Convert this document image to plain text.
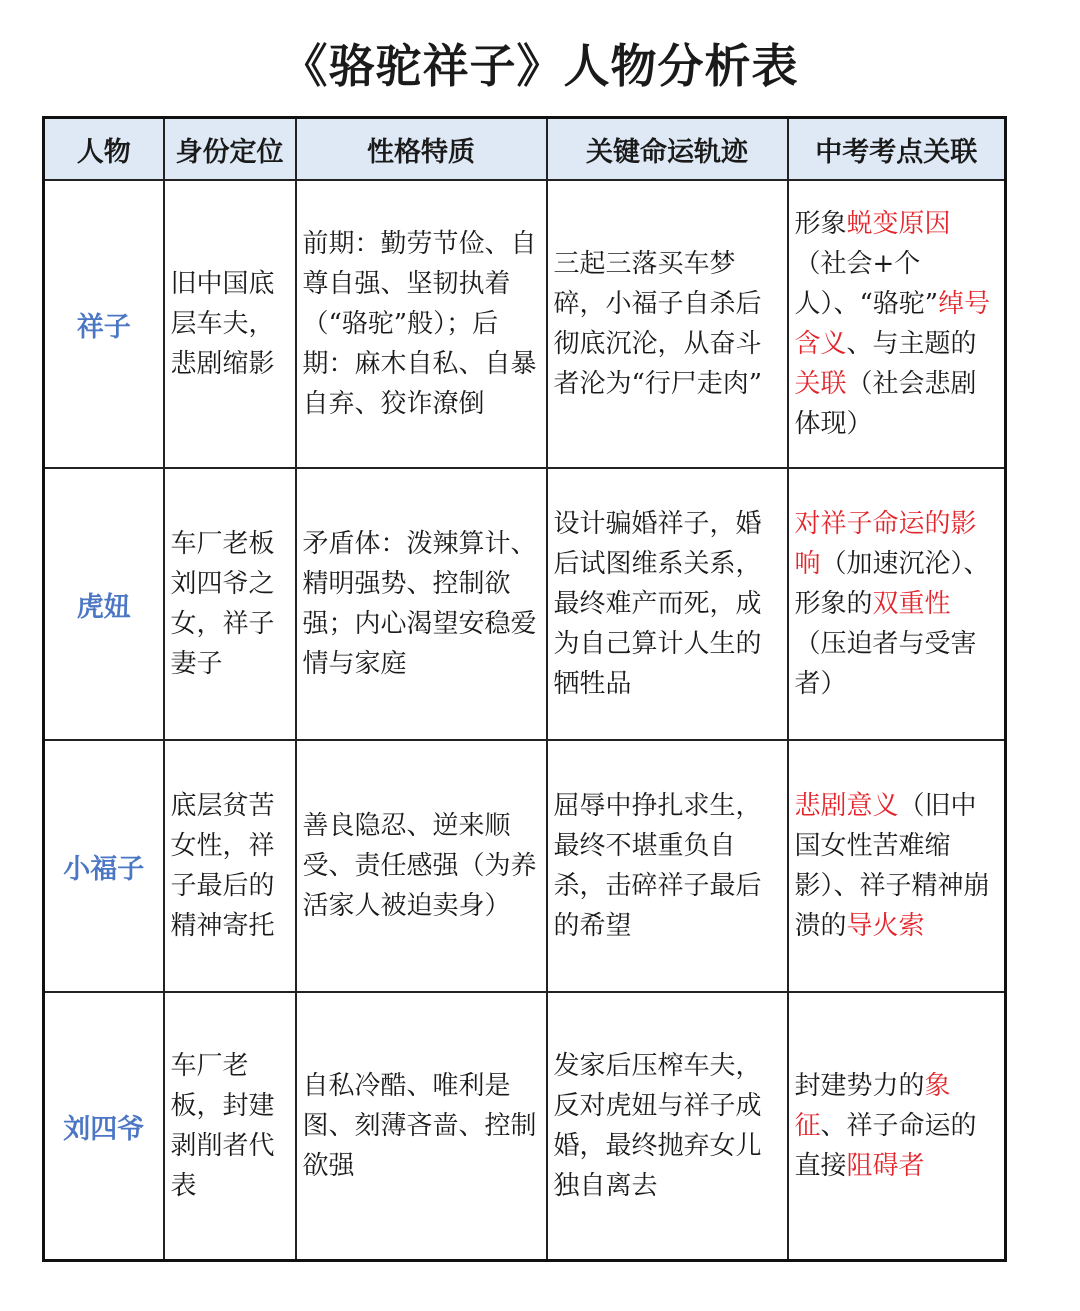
《骆驼祥子》人物分析表
人物	身份定位	性格特质	关键命运轨迹	中考考点关联
祥子	旧中国底层车夫，悲剧缩影	前期：勤劳节俭、自尊自强、坚韧执着（“骆驼”般）；后期：麻木自私、自暴自弃、狡诈潦倒	三起三落买车梦碎，小福子自杀后彻底沉沦，从奋斗者沦为“行尸走肉”	形象蜕变原因（社会+个人）、“骆驼”绰号含义、与主题的关联（社会悲剧体现）

虎妞	车厂老板刘四爷之女，祥子妻子	矛盾体：泼辣算计、精明强势、控制欲强；内心渴望安稳爱情与家庭	设计骗婚祥子，婚后试图维系关系，最终难产而死，成为自己算计人生的牺牲品	对祥子命运的影响（加速沉沦）、形象的双重性（压迫者与受害者）

小福子	底层贫苦女性，祥子最后的精神寄托	善良隐忍、逆来顺受、责任感强（为养活家人被迫卖身）	屈辱中挣扎求生，最终不堪重负自杀，击碎祥子最后的希望	悲剧意义（旧中国女性苦难缩影）、祥子精神崩溃的导火索

刘四爷	车厂老板，封建剥削者代表	自私冷酷、唯利是图、刻薄吝啬、控制欲强	发家后压榨车夫，反对虎妞与祥子成婚，最终抛弃女儿独自离去	封建势力的象征、祥子命运的直接阻碍者
